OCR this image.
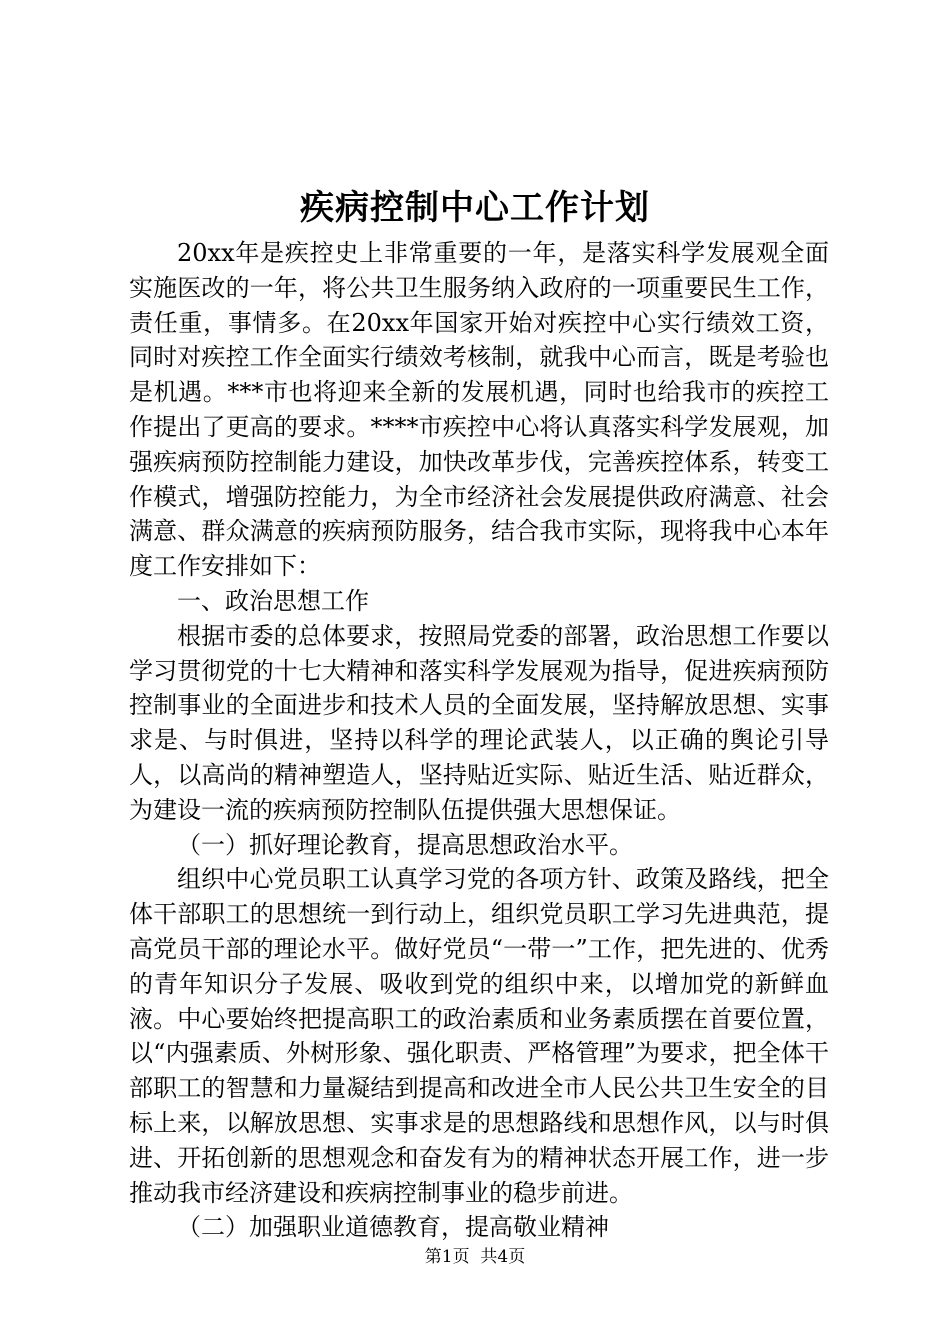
疾病控制中心工作计划

20xx年是疾控史上非常重要的一年，是落实科学发展观全面实施医改的一年，将公共卫生服务纳入政府的一项重要民生工作，责任重，事情多。在20xx年国家开始对疾控中心实行绩效工资，同时对疾控工作全面实行绩效考核制，就我中心而言，既是考验也是机遇。***市也将迎来全新的发展机遇，同时也给我市的疾控工作提出了更高的要求。****市疾控中心将认真落实科学发展观，加强疾病预防控制能力建设，加快改革步伐，完善疾控体系，转变工作模式，增强防控能力，为全市经济社会发展提供政府满意、社会满意、群众满意的疾病预防服务，结合我市实际，现将我中心本年度工作安排如下：

一、政治思想工作

根据市委的总体要求，按照局党委的部署，政治思想工作要以学习贯彻党的十七大精神和落实科学发展观为指导，促进疾病预防控制事业的全面进步和技术人员的全面发展，坚持解放思想、实事求是、与时俱进，坚持以科学的理论武装人，以正确的舆论引导人，以高尚的精神塑造人，坚持贴近实际、贴近生活、贴近群众，为建设一流的疾病预防控制队伍提供强大思想保证。

（一）抓好理论教育，提高思想政治水平。

组织中心党员职工认真学习党的各项方针、政策及路线，把全体干部职工的思想统一到行动上，组织党员职工学习先进典范，提高党员干部的理论水平。做好党员“一带一”工作，把先进的、优秀的青年知识分子发展、吸收到党的组织中来，以增加党的新鲜血液。中心要始终把提高职工的政治素质和业务素质摆在首要位置，以“内强素质、外树形象、强化职责、严格管理”为要求，把全体干部职工的智慧和力量凝结到提高和改进全市人民公共卫生安全的目标上来，以解放思想、实事求是的思想路线和思想作风，以与时俱进、开拓创新的思想观念和奋发有为的精神状态开展工作，进一步推动我市经济建设和疾病控制事业的稳步前进。

（二）加强职业道德教育，提高敬业精神

第1页  共4页
